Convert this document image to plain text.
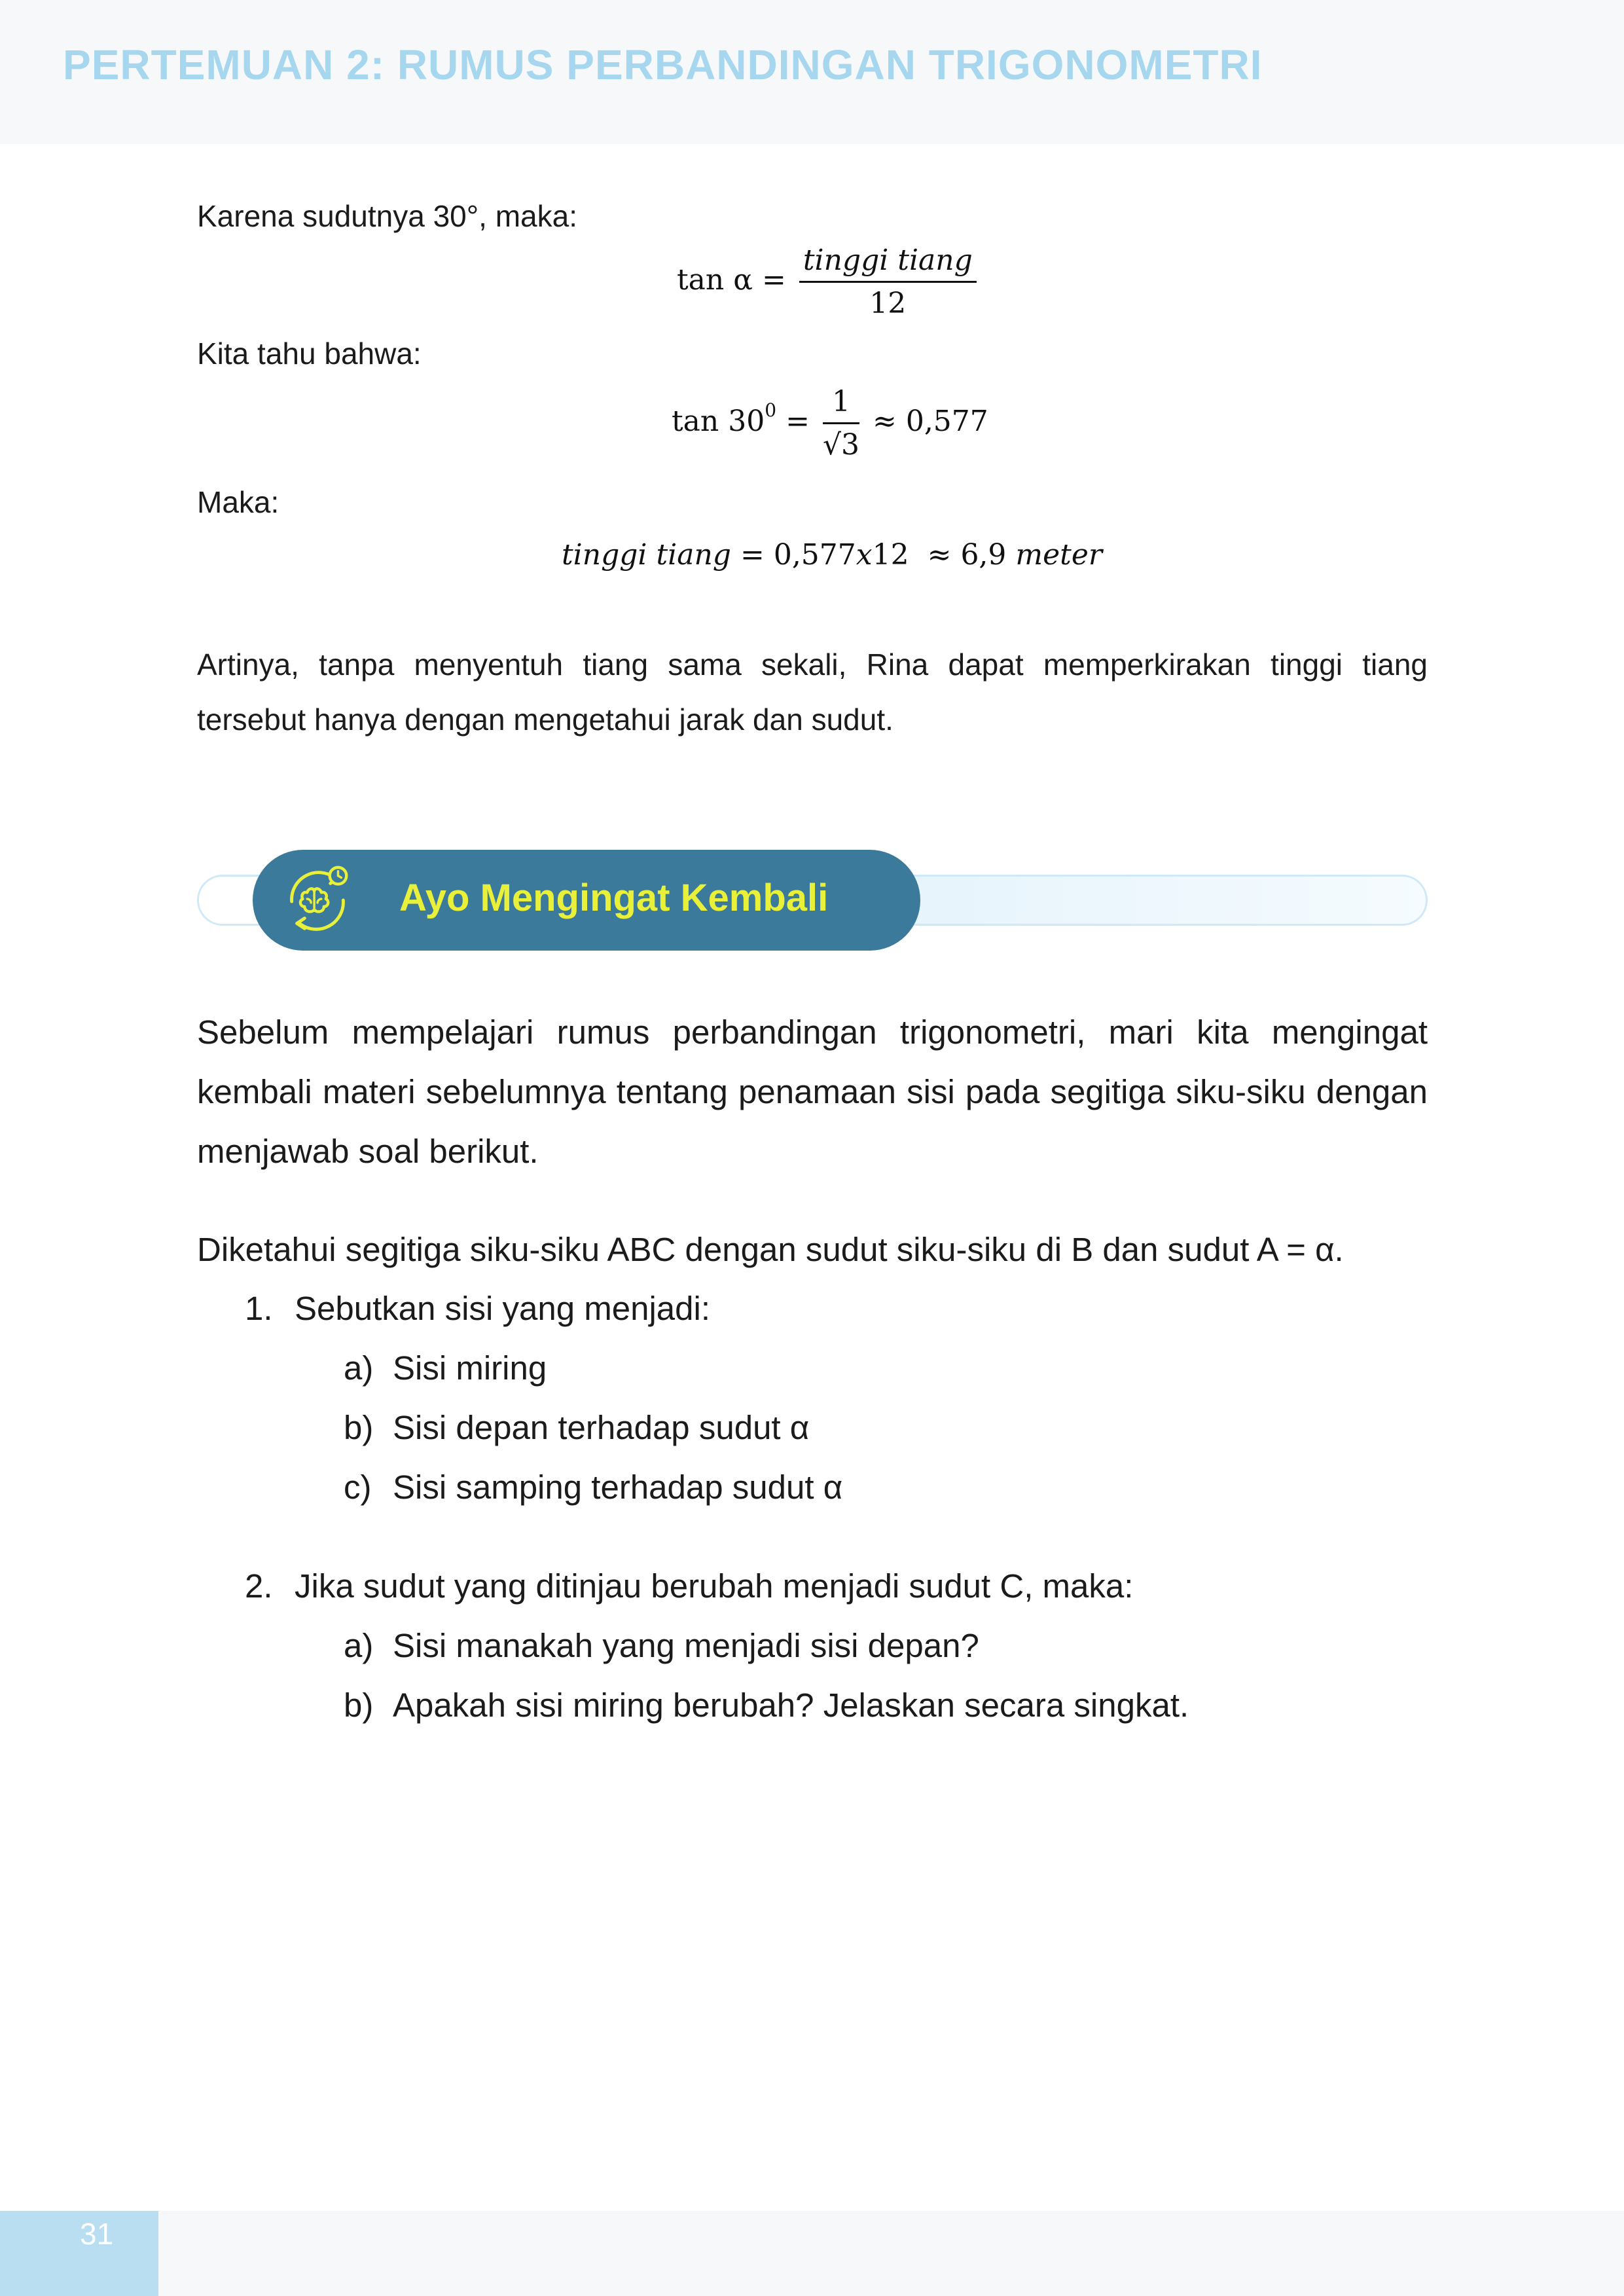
PERTEMUAN 2: RUMUS PERBANDINGAN TRIGONOMETRI
Karena sudutnya 30°, maka:
$\tan \alpha = \frac{\text{tinggi tiang}}{12}$
Kita tahu bahwa:
$\tan 30^0 = \frac{1}{√3} \approx 0,577$
Maka:
tinggi tiang = 0,577x12  ≈ 6,9 meter
Artinya, tanpa menyentuh tiang sama sekali, Rina dapat memperkirakan tinggi tiang tersebut hanya dengan mengetahui jarak dan sudut.
Ayo Mengingat Kembali
Sebelum mempelajari rumus perbandingan trigonometri, mari kita mengingat kembali materi sebelumnya tentang penamaan sisi pada segitiga siku-siku dengan menjawab soal berikut.
Diketahui segitiga siku-siku ABC dengan sudut siku-siku di B dan sudut A = α.
1. Sebutkan sisi yang menjadi:
a) Sisi miring
b) Sisi depan terhadap sudut α
c) Sisi samping terhadap sudut α
2. Jika sudut yang ditinjau berubah menjadi sudut C, maka:
a) Sisi manakah yang menjadi sisi depan?
b) Apakah sisi miring berubah? Jelaskan secara singkat.
31
